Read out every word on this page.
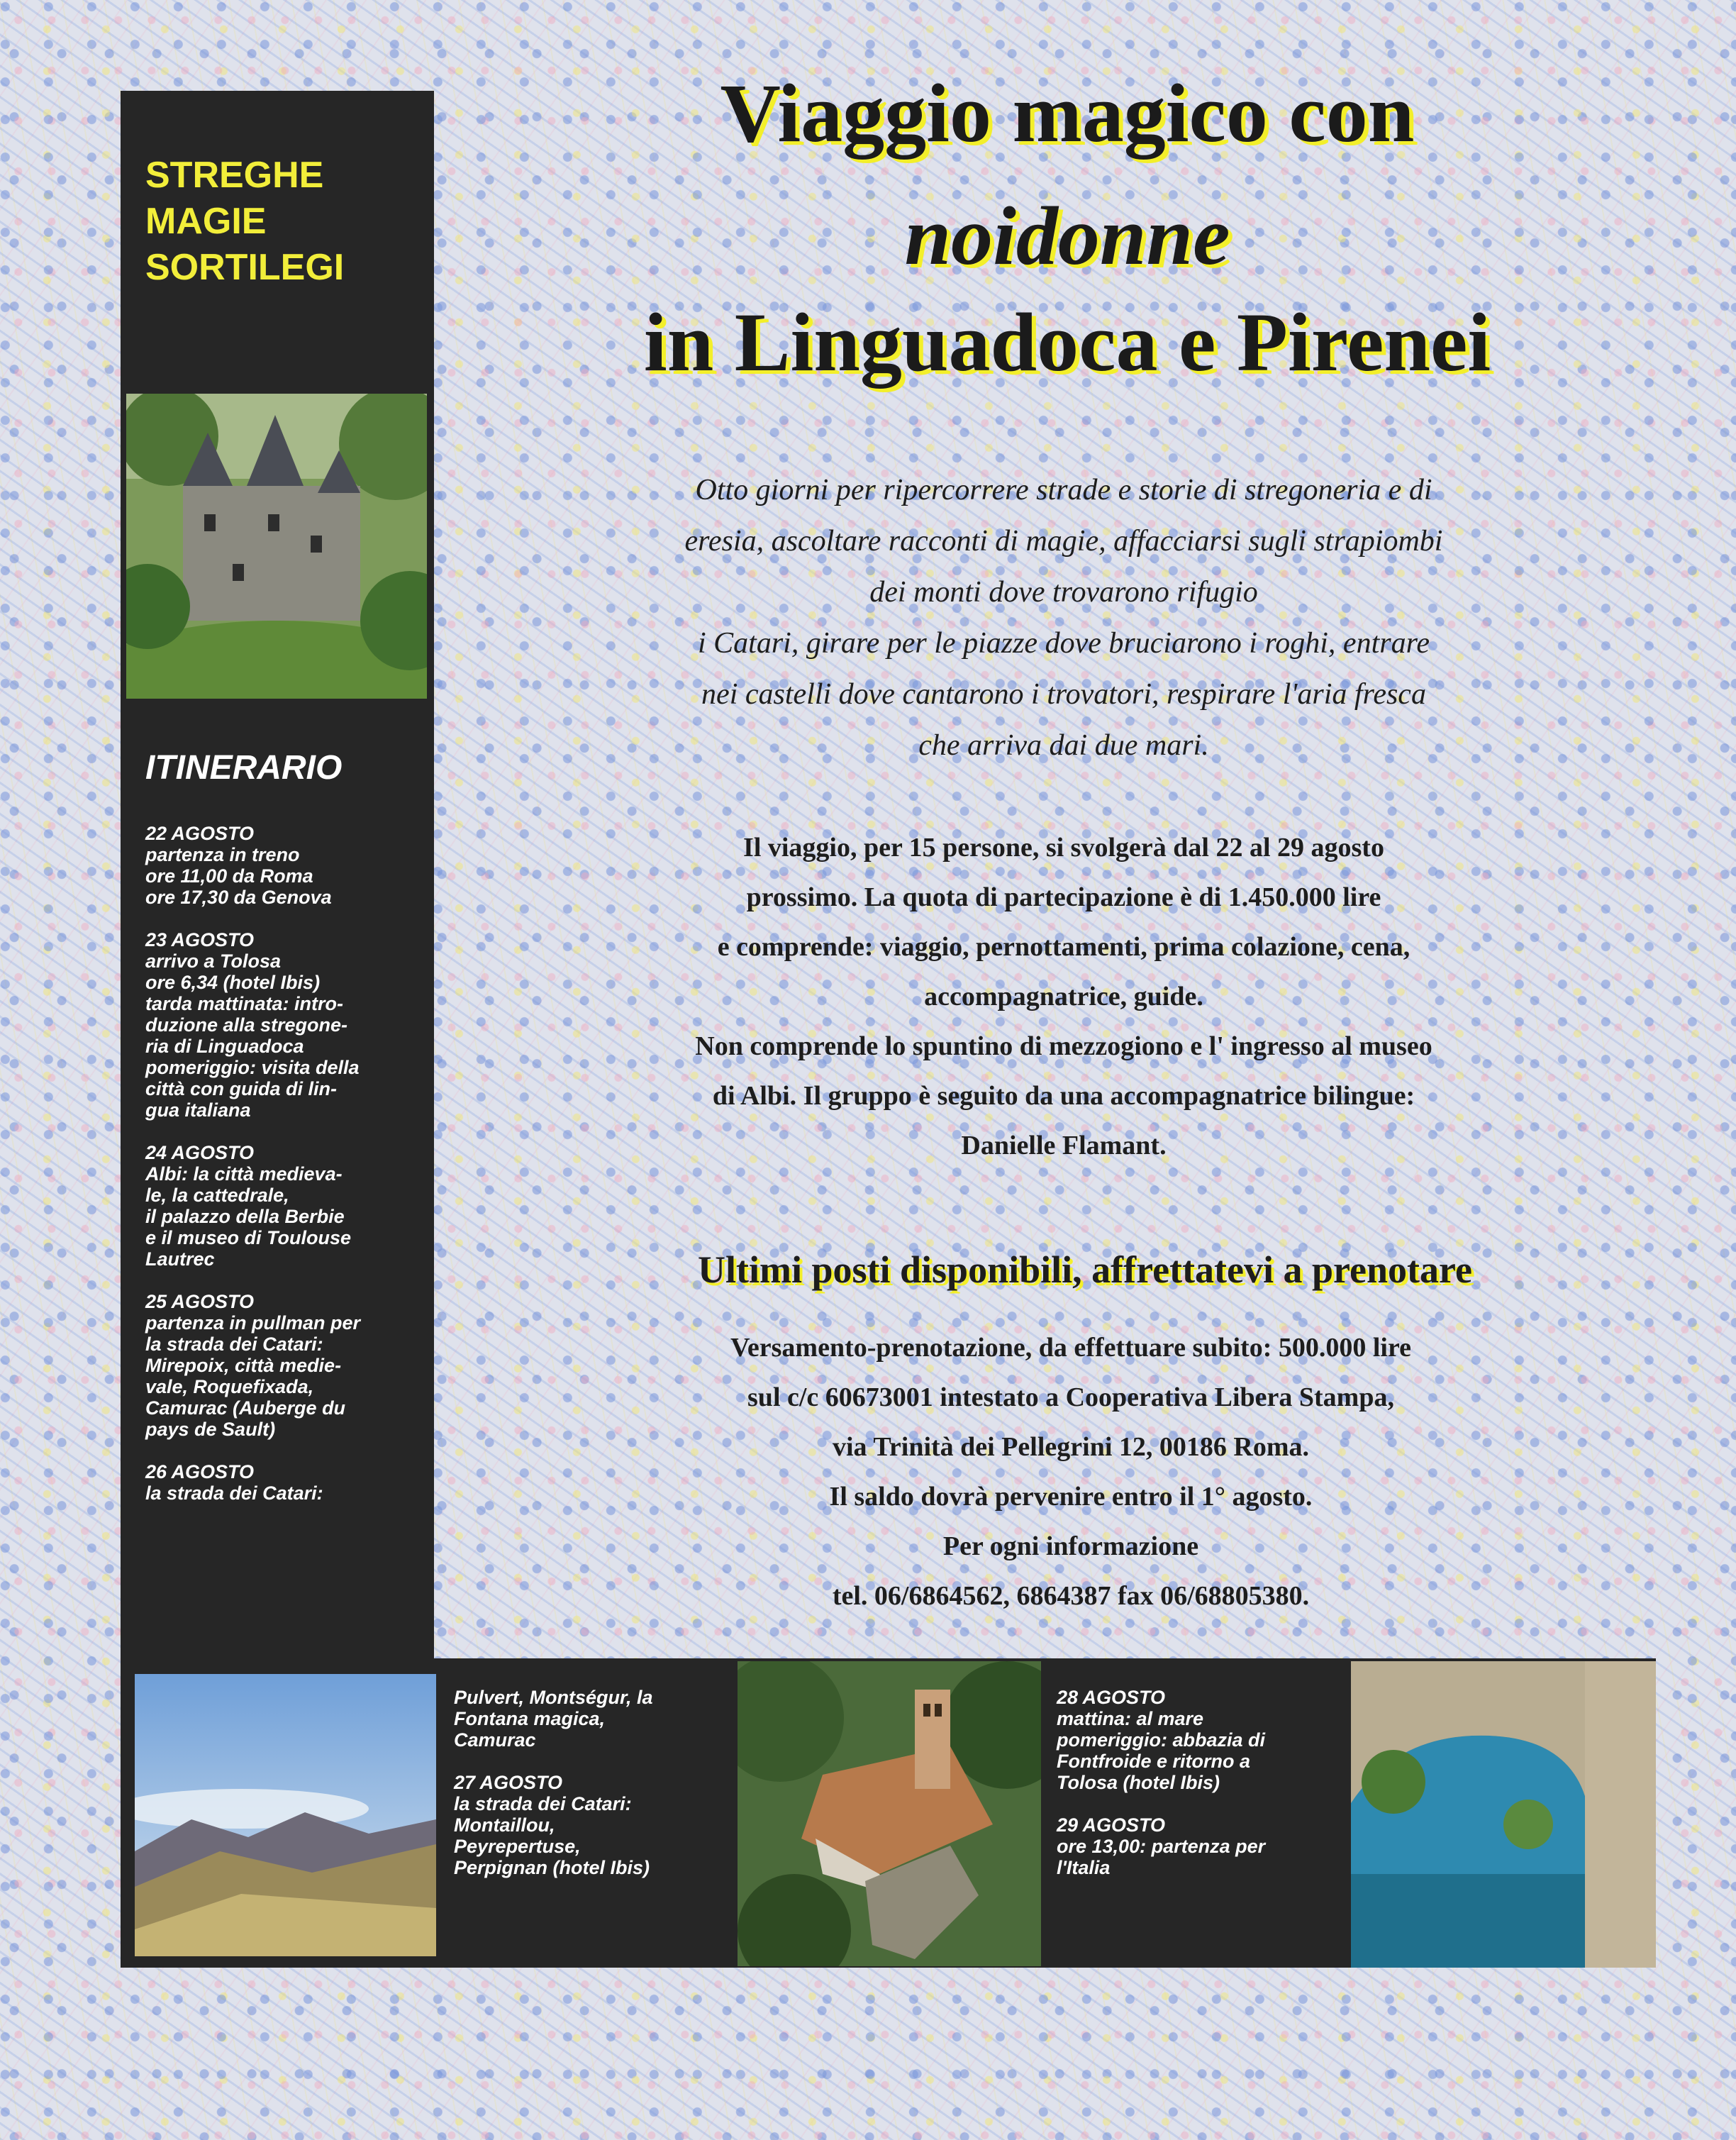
STREGHE
MAGIE
SORTILEGI
ITINERARIO
22 AGOSTO
partenza in treno
ore 11,00 da Roma
ore 17,30 da Genova
23 AGOSTO
arrivo a Tolosa
ore 6,34 (hotel Ibis)
tarda mattinata: intro-
duzione alla stregone-
ria di Linguadoca
pomeriggio: visita della
città con guida di lin-
gua italiana
24 AGOSTO
Albi: la città medieva-
le, la cattedrale,
il palazzo della Berbie
e il museo di Toulouse
Lautrec
25 AGOSTO
partenza in pullman per
la strada dei Catari:
Mirepoix, città medie-
vale, Roquefixada,
Camurac (Auberge du
pays de Sault)
26 AGOSTO
la strada dei Catari:
Viaggio magico con
noidonne
in Linguadoca e Pirenei
Otto giorni per ripercorrere strade e storie di stregoneria e di
eresia, ascoltare racconti di magie, affacciarsi sugli strapiombi
dei monti dove trovarono rifugio
i Catari, girare per le piazze dove bruciarono i roghi, entrare
nei castelli dove cantarono i trovatori, respirare l'aria fresca
che arriva dai due mari.
Il viaggio, per 15 persone, si svolgerà dal 22 al 29 agosto
prossimo. La quota di partecipazione è di 1.450.000 lire
e comprende: viaggio, pernottamenti, prima colazione, cena,
accompagnatrice, guide.
Non comprende lo spuntino di mezzogiono e l' ingresso al museo
di Albi. Il gruppo è seguito da una accompagnatrice bilingue:
Danielle Flamant.
Ultimi posti disponibili, affrettatevi a prenotare
Versamento-prenotazione, da effettuare subito: 500.000 lire
sul c/c 60673001 intestato a Cooperativa Libera Stampa,
via Trinità dei Pellegrini 12, 00186 Roma.
Il saldo dovrà pervenire entro il 1° agosto.
Per ogni informazione
tel. 06/6864562, 6864387 fax 06/68805380.
Pulvert, Montségur, la
Fontana magica,
Camurac
27 AGOSTO
la strada dei Catari:
Montaillou,
Peyrepertuse,
Perpignan (hotel Ibis)
28 AGOSTO
mattina: al mare
pomeriggio: abbazia di
Fontfroide e ritorno a
Tolosa (hotel Ibis)
29 AGOSTO
ore 13,00: partenza per
l'Italia
